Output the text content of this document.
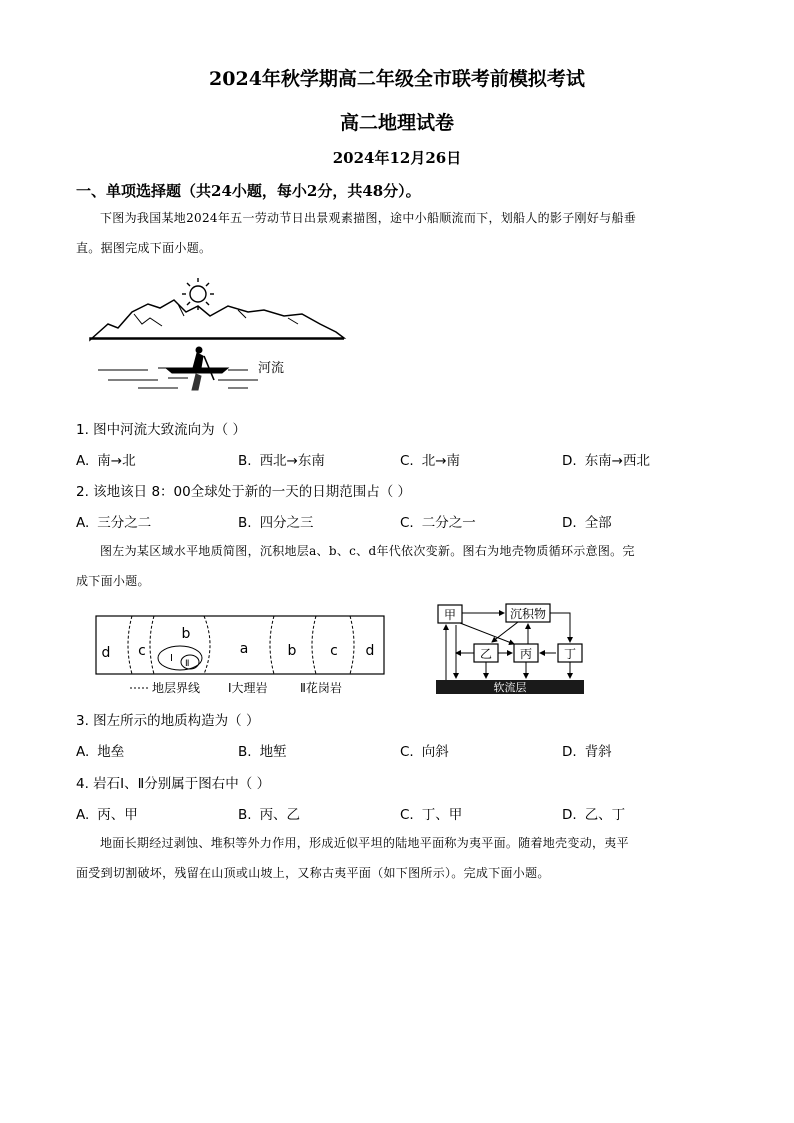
2024年秋学期高二年级全市联考前模拟考试
高二地理试卷
2024年12月26日
一、单项选择题（共24小题，每小2分，共48分）。
下图为我国某地2024年五一劳动节日出景观素描图，途中小船顺流而下，划船人的影子刚好与船垂
直。据图完成下面小题。
河流
1. 图中河流大致流向为（ ）
A. 南→北	B. 西北→东南	C. 北→南	D. 东南→西北
2. 该地该日 8：00全球处于新的一天的日期范围占（ ）
A. 三分之二	B. 四分之三	C. 二分之一	D. 全部
图左为某区域水平地质简图，沉积地层a、b、c、d年代依次变新。图右为地壳物质循环示意图。完
成下面小题。
d c
b
a	b c d
Ⅰ Ⅱ
地层界线 Ⅰ大理岩	Ⅱ花岗岩
甲	沉积物
乙 丙	丁
软流层
3. 图左所示的地质构造为（ ）
A. 地垒	B. 地堑	C. 向斜	D. 背斜
4. 岩石Ⅰ、Ⅱ分别属于图右中（ ）
A. 丙、甲	B. 丙、乙	C. 丁、甲	D. 乙、丁
地面长期经过剥蚀、堆积等外力作用，形成近似平坦的陆地平面称为夷平面。随着地壳变动，夷平
面受到切割破坏，残留在山顶或山坡上，又称古夷平面（如下图所示）。完成下面小题。
